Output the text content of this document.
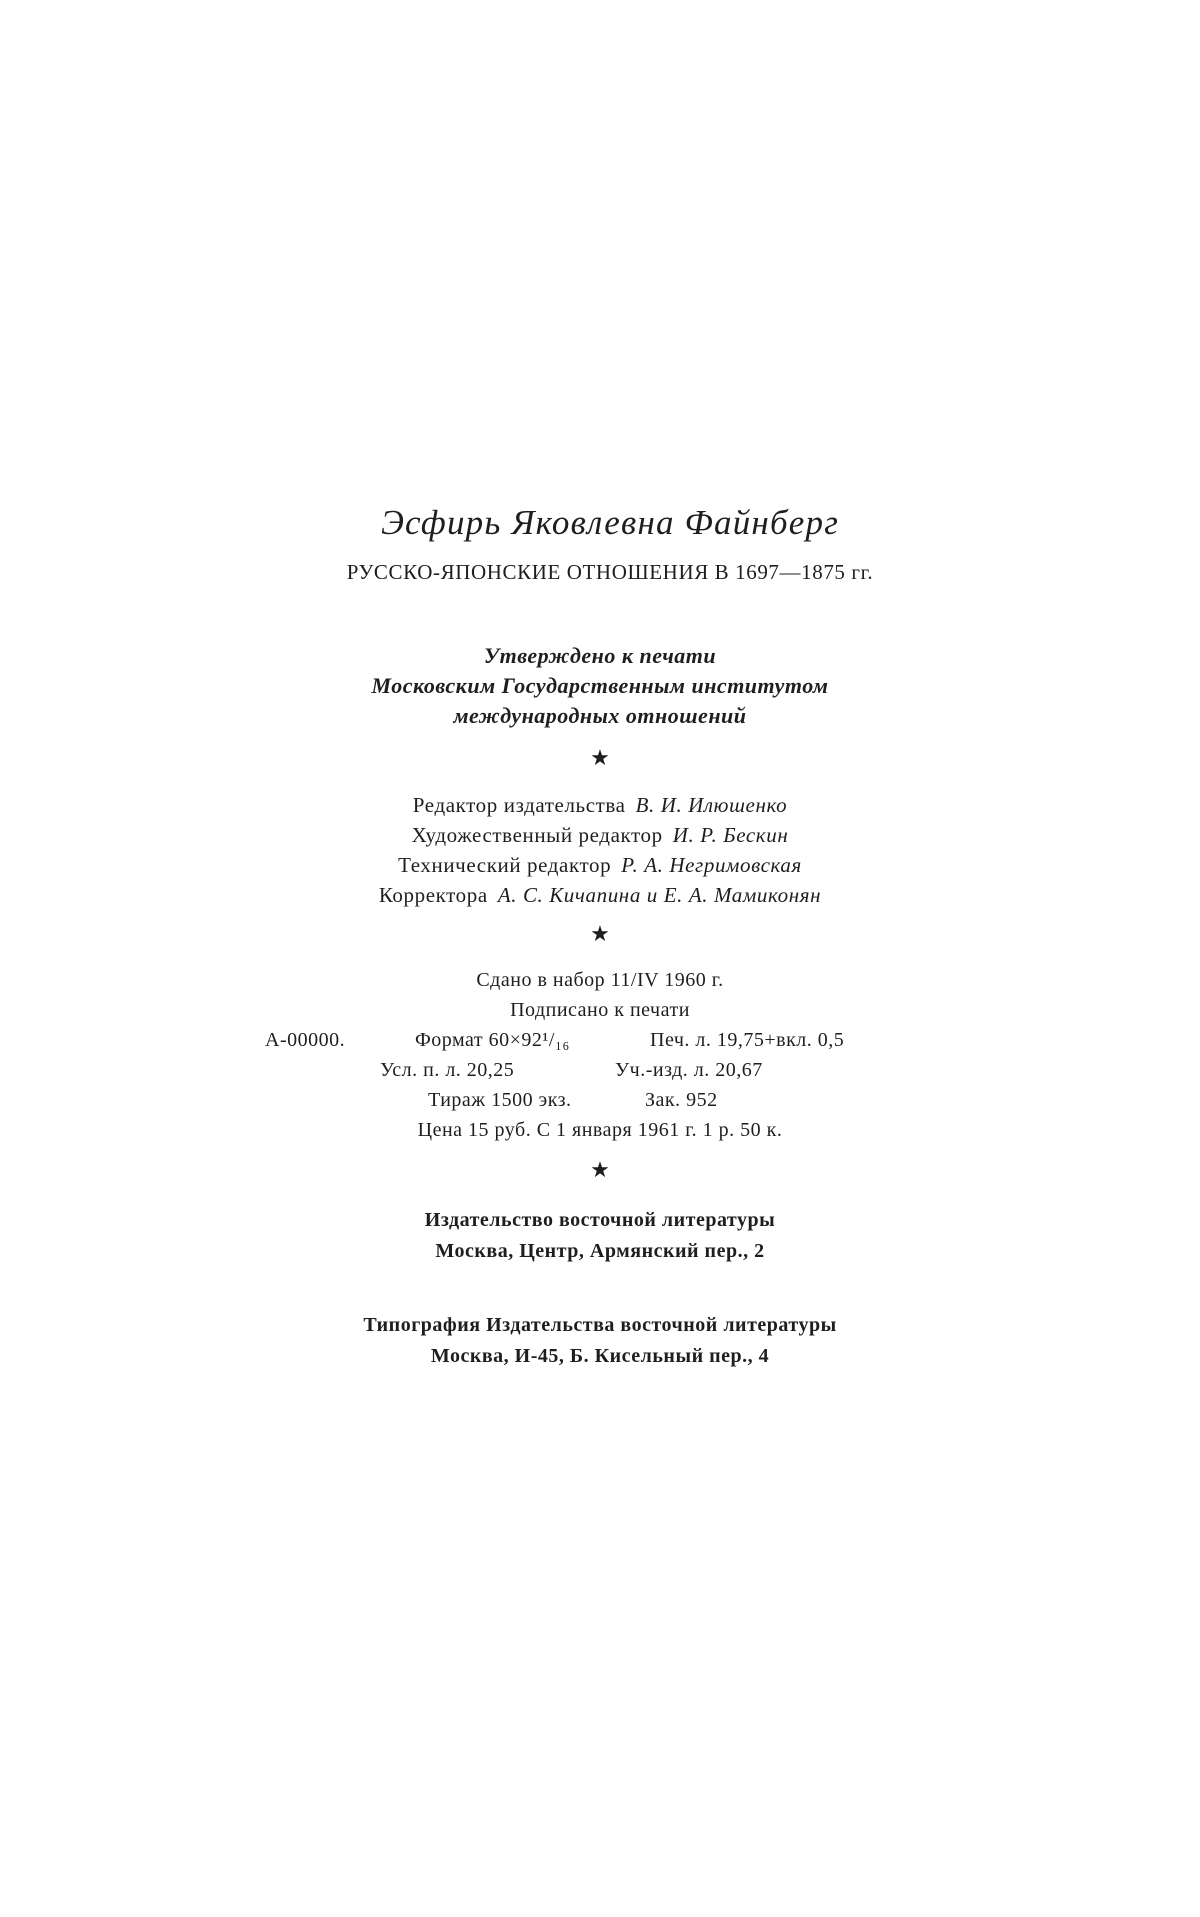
Эсфирь Яковлевна Файнберг
РУССКО-ЯПОНСКИЕ ОТНОШЕНИЯ В 1697—1875 гг.
Утверждено к печати
Московским Государственным институтом
международных отношений
★
Редактор издательства В. И. Илюшенко
Художественный редактор И. Р. Бескин
Технический редактор Р. А. Негримовская
Корректора А. С. Кичапина и Е. А. Мамиконян
★
Сдано в набор 11/IV 1960 г.
Подписано к печати
А-00000.	Формат 60×92¹/₁₆	Печ. л. 19,75+вкл. 0,5
Усл. п. л. 20,25	Уч.-изд. л. 20,67
Тираж 1500 экз.	Зак. 952
Цена 15 руб. С 1 января 1961 г. 1 р. 50 к.
★
Издательство восточной литературы
Москва, Центр, Армянский пер., 2
Типография Издательства восточной литературы
Москва, И-45, Б. Кисельный пер., 4
